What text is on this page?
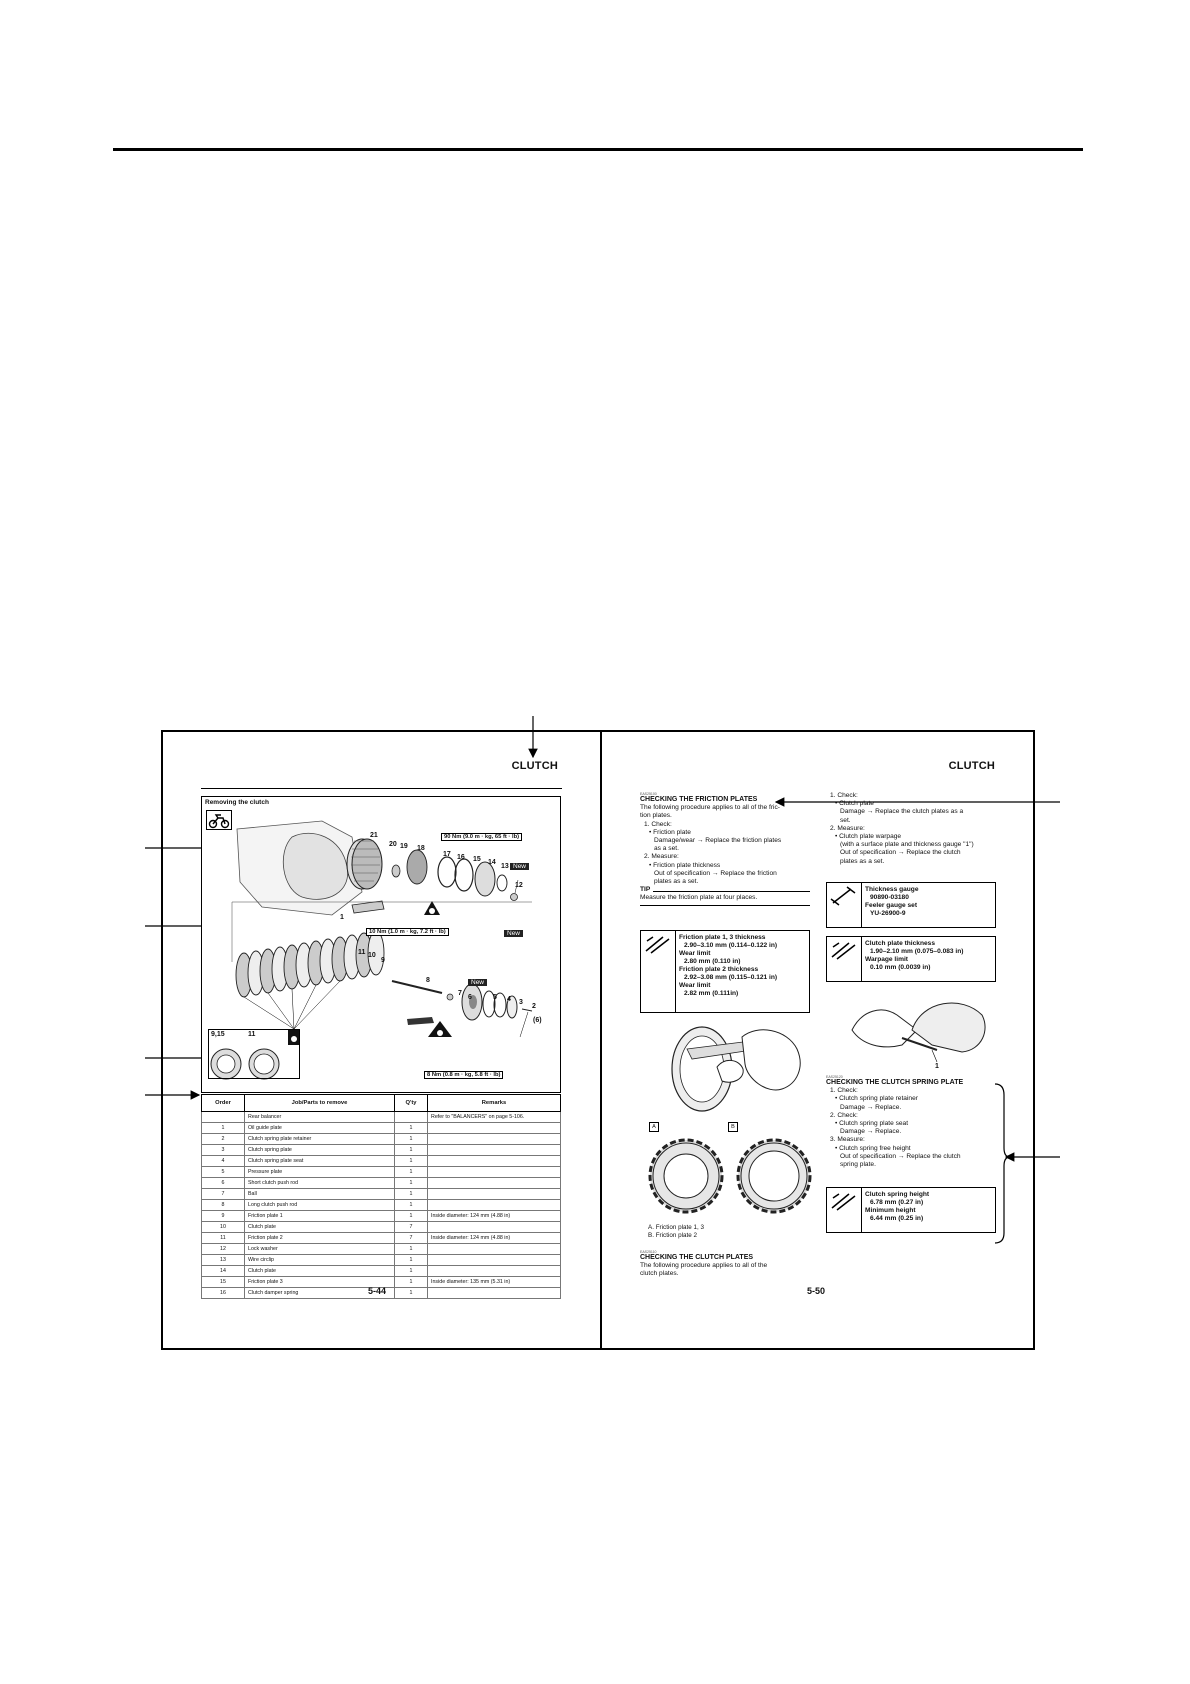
CLUTCH
Removing the clutch
90 Nm (9.0 m · kg, 65 ft · lb)
10 Nm (1.0 m · kg, 7.2 ft · lb)
New
New
New
21
20 19 18
17 16 15 14
13
12
1
11 10
9
8
7
6	5 4 3
2
(6)
9,15	11
8 Nm (0.8 m · kg, 5.8 ft · lb)
Order	Job/Parts to remove	Q'ty	Remarks
	Rear balancer		Refer to "BALANCERS" on page 5-106.
1	Oil guide plate	1	
2	Clutch spring plate retainer	1	
3	Clutch spring plate	1	
4	Clutch spring plate seat	1	
5	Pressure plate	1	
6	Short clutch push rod	1	
7	Ball	1	
8	Long clutch push rod	1	
9	Friction plate 1	1	Inside diameter: 124 mm (4.88 in)
10	Clutch plate	7	
11	Friction plate 2	7	Inside diameter: 124 mm (4.88 in)
12	Lock washer	1	
13	Wire circlip	1	
14	Clutch plate	1	
15	Friction plate 3	1	Inside diameter: 135 mm (5.31 in)
16	Clutch damper spring	1	
5-44
CLUTCH
EAS25100
CHECKING THE FRICTION PLATES
The following procedure applies to all of the fric-
tion plates.
1. Check:
• Friction plate
Damage/wear → Replace the friction plates
as a set.
2. Measure:
• Friction plate thickness
Out of specification → Replace the friction
plates as a set.
TIP
Measure the friction plate at four places.
Friction plate 1, 3 thickness
2.90–3.10 mm (0.114–0.122 in)
Wear limit
2.80 mm (0.110 in)
Friction plate 2 thickness
2.92–3.08 mm (0.115–0.121 in)
Wear limit
2.82 mm (0.111in)
A	B
A. Friction plate 1, 3
B. Friction plate 2
EAS25110
CHECKING THE CLUTCH PLATES
The following procedure applies to all of the
clutch plates.
1. Check:
• Clutch plate
Damage → Replace the clutch plates as a
set.
2. Measure:
• Clutch plate warpage
(with a surface plate and thickness gauge "1")
Out of specification → Replace the clutch
plates as a set.
Thickness gauge
90890-03180
Feeler gauge set
YU-26900-9
Clutch plate thickness
1.90–2.10 mm (0.075–0.083 in)
Warpage limit
0.10 mm (0.0039 in)
1
EAS25120
CHECKING THE CLUTCH SPRING PLATE
1. Check:
• Clutch spring plate retainer
Damage → Replace.
2. Check:
• Clutch spring plate seat
Damage → Replace.
3. Measure:
• Clutch spring free height
Out of specification → Replace the clutch
spring plate.
Clutch spring height
6.78 mm (0.27 in)
Minimum height
6.44 mm (0.25 in)
5-50
